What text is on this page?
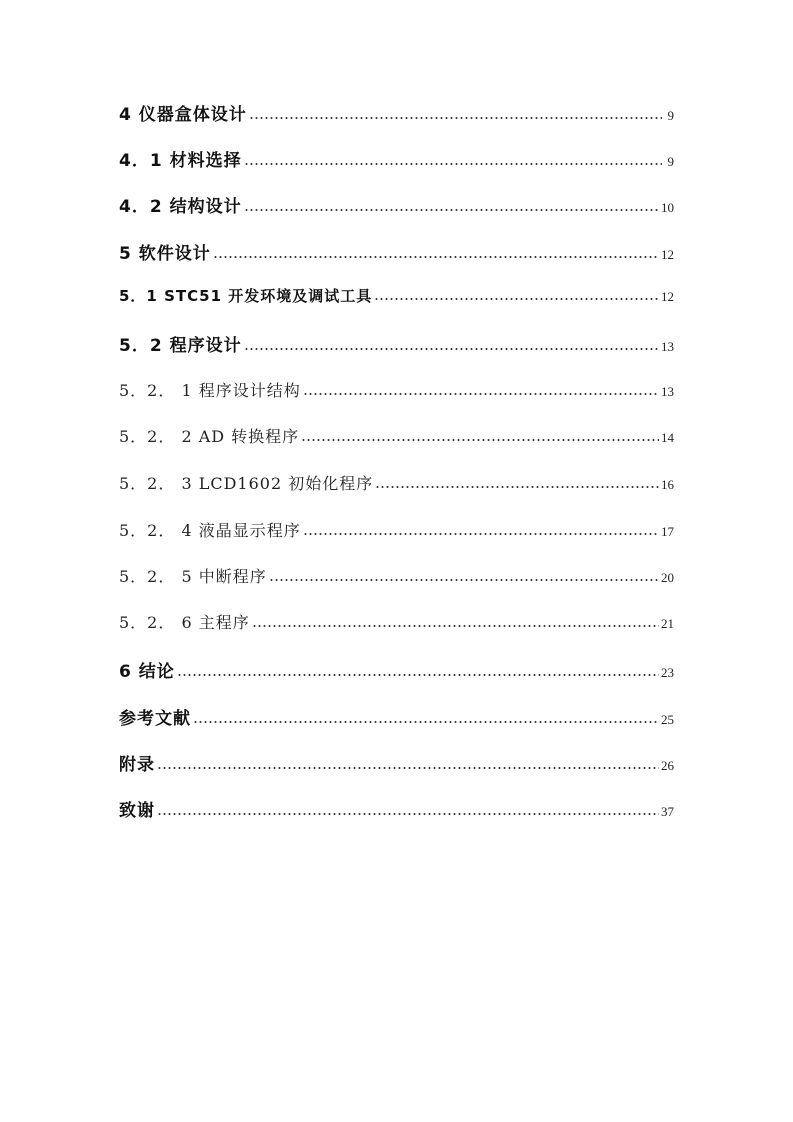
4 仪器盒体设计	9
4．1 材料选择	9
4．2 结构设计	10
5 软件设计	12
5．1 STC51 开发环境及调试工具	12
5．2 程序设计	13
5．2． 1 程序设计结构	13
5．2． 2 AD 转换程序	14
5．2． 3 LCD1602 初始化程序	16
5．2． 4 液晶显示程序	17
5．2． 5 中断程序	20
5．2． 6 主程序	21
6 结论	23
参考文献	25
附录	26
致谢	37
